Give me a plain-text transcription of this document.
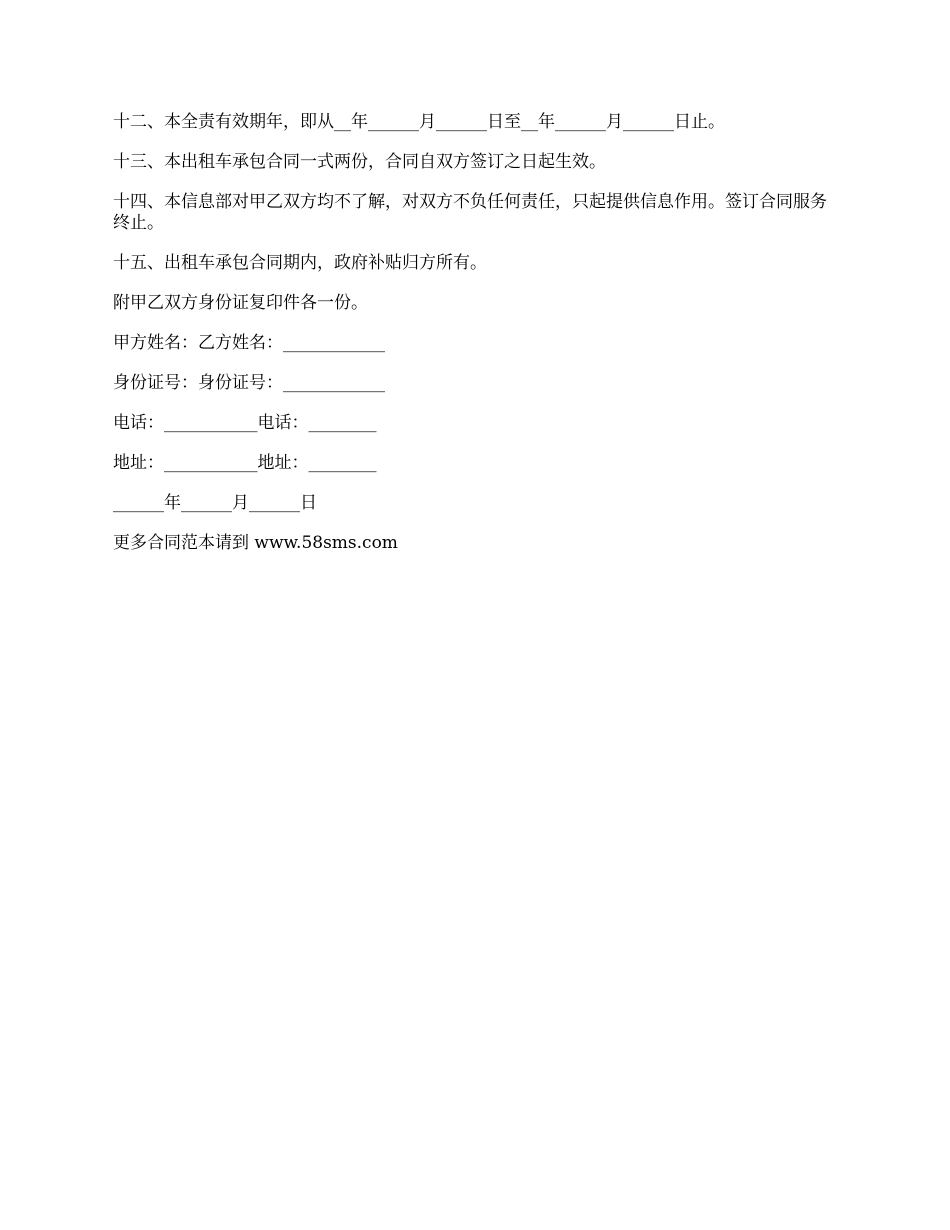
十二、本全责有效期年，即从__年______月______日至__年______月______日止。

十三、本出租车承包合同一式两份，合同自双方签订之日起生效。

十四、本信息部对甲乙双方均不了解，对双方不负任何责任，只起提供信息作用。签订合同服务终止。

十五、出租车承包合同期内，政府补贴归方所有。

附甲乙双方身份证复印件各一份。

甲方姓名：乙方姓名：____________

身份证号：身份证号：____________

电话：___________电话：________

地址：___________地址：________

______年______月______日

更多合同范本请到 www.58sms.com
